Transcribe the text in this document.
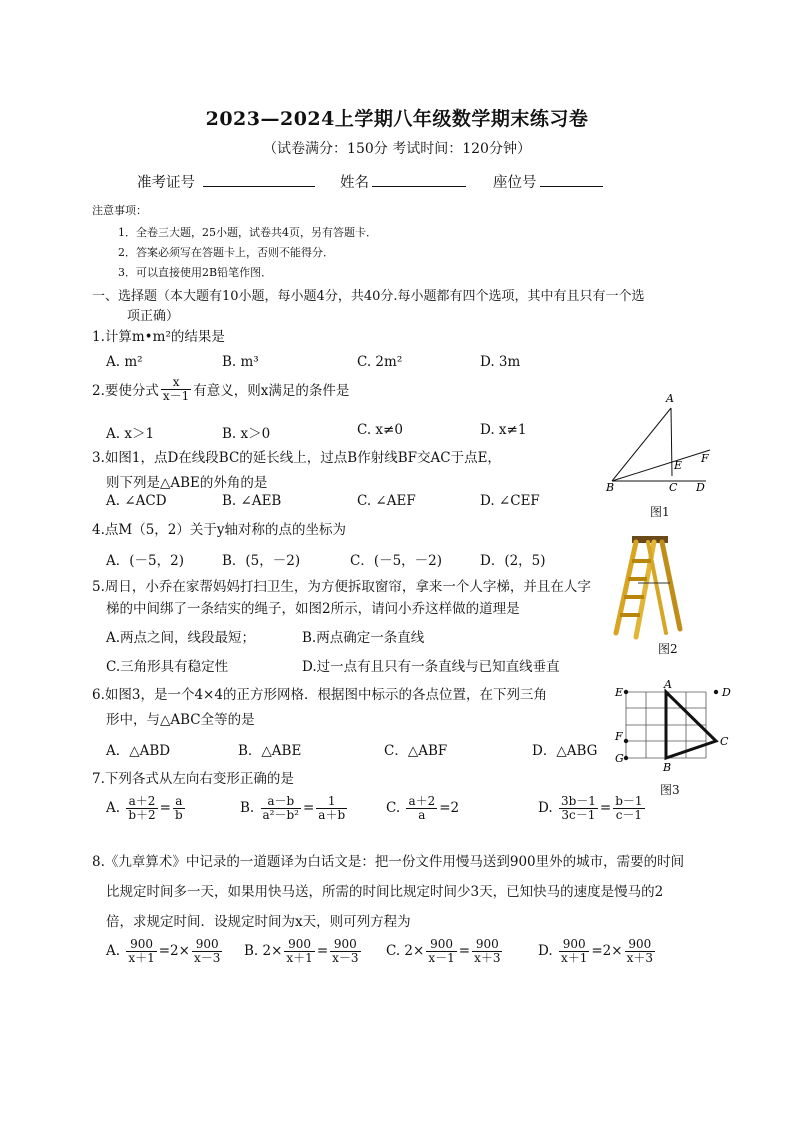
2023—2024上学期八年级数学期末练习卷
（试卷满分：150分 考试时间：120分钟）
准考证号	姓名	座位号
注意事项：
1．全卷三大题，25小题，试卷共4页，另有答题卡．
2．答案必须写在答题卡上，否则不能得分．
3．可以直接使用2B铅笔作图．
一、选择题（本大题有10小题，每小题4分，共40分.每小题都有四个选项，其中有且只有一个选
项正确）
1.计算m•m²的结果是
A. m²	B. m³	C. 2m²	D. 3m
2.要使分式 $\frac{x}{x-1}$ 有意义，则x满足的条件是
A. x＞1	B. x＞0	C. x≠0	D. x≠1
3.如图1，点D在线段BC的延长线上，过点B作射线BF交AC于点E，
则下列是△ABE的外角的是
A. ∠ACD	B. ∠AEB	C. ∠AEF	D. ∠CEF
A
B	C D
E
F
图1
4.点M（5，2）关于y轴对称的点的坐标为
A．(－5，2)	B．(5，－2)	C．(－5，－2)	D．(2，5)
图2
5.周日，小乔在家帮妈妈打扫卫生，为方便拆取窗帘，拿来一个人字梯，并且在人字
梯的中间绑了一条结实的绳子，如图2所示，请问小乔这样做的道理是
A.两点之间，线段最短；	B.两点确定一条直线
C.三角形具有稳定性	D.过一点有且只有一条直线与已知直线垂直
6.如图3，是一个4×4的正方形网格．根据图中标示的各点位置，在下列三角
形中，与△ABC全等的是
A．△ABD	B．△ABE	C．△ABF	D．△ABG
A
B
C
D
E
F
G
图3
7.下列各式从左向右变形正确的是
A. $\frac{a+2}{b+2} = \frac{a}{b}$	B. $\frac{a-b}{\text{a²－b²}} = \frac{1}{a+b}$	C. $\frac{a+2}{a} =2$	D. $\frac{3b-1}{3c-1} = \frac{b-1}{c-1}$
8.《九章算术》中记录的一道题译为白话文是：把一份文件用慢马送到900里外的城市，需要的时间
比规定时间多一天，如果用快马送，所需的时间比规定时间少3天，已知快马的速度是慢马的2
倍，求规定时间．设规定时间为x天，则可列方程为
A. $\frac{900}{x+1} =2\times \frac{900}{x-3} B$. $2\times \frac{900}{x+1} = \frac{900}{x-3} C$. $2\times \frac{900}{x-1} = \frac{900}{x+3}$	D. $\frac{900}{x+1} =2\times \frac{900}{x+3}$
